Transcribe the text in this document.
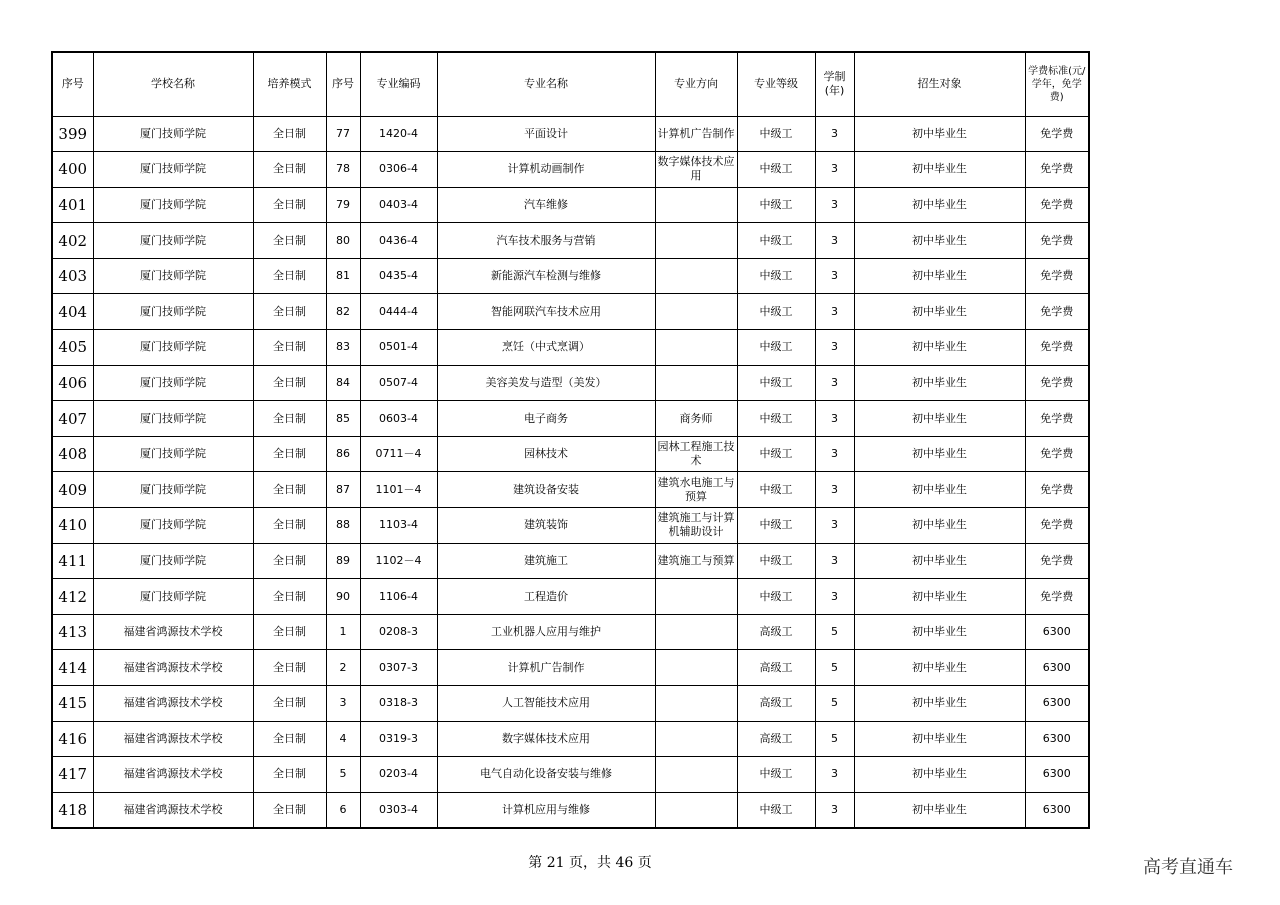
序号	学校名称	培养模式	序号	专业编码	专业名称	专业方向	专业等级	学制(年)	招生对象	学费标准(元/学年，免学费)
399	厦门技师学院	全日制	77	1420-4	平面设计	计算机广告制作	中级工	3	初中毕业生	免学费
400	厦门技师学院	全日制	78	0306-4	计算机动画制作	数字媒体技术应用	中级工	3	初中毕业生	免学费
401	厦门技师学院	全日制	79	0403-4	汽车维修		中级工	3	初中毕业生	免学费
402	厦门技师学院	全日制	80	0436-4	汽车技术服务与营销		中级工	3	初中毕业生	免学费
403	厦门技师学院	全日制	81	0435-4	新能源汽车检测与维修		中级工	3	初中毕业生	免学费
404	厦门技师学院	全日制	82	0444-4	智能网联汽车技术应用		中级工	3	初中毕业生	免学费
405	厦门技师学院	全日制	83	0501-4	烹饪（中式烹调）		中级工	3	初中毕业生	免学费
406	厦门技师学院	全日制	84	0507-4	美容美发与造型（美发）		中级工	3	初中毕业生	免学费
407	厦门技师学院	全日制	85	0603-4	电子商务	商务师	中级工	3	初中毕业生	免学费
408	厦门技师学院	全日制	86	0711－4	园林技术	园林工程施工技术	中级工	3	初中毕业生	免学费
409	厦门技师学院	全日制	87	1101－4	建筑设备安装	建筑水电施工与预算	中级工	3	初中毕业生	免学费
410	厦门技师学院	全日制	88	1103-4	建筑装饰	建筑施工与计算机辅助设计	中级工	3	初中毕业生	免学费
411	厦门技师学院	全日制	89	1102－4	建筑施工	建筑施工与预算	中级工	3	初中毕业生	免学费
412	厦门技师学院	全日制	90	1106-4	工程造价		中级工	3	初中毕业生	免学费
413	福建省鸿源技术学校	全日制	1	0208-3	工业机器人应用与维护		高级工	5	初中毕业生	6300
414	福建省鸿源技术学校	全日制	2	0307-3	计算机广告制作		高级工	5	初中毕业生	6300
415	福建省鸿源技术学校	全日制	3	0318-3	人工智能技术应用		高级工	5	初中毕业生	6300
416	福建省鸿源技术学校	全日制	4	0319-3	数字媒体技术应用		高级工	5	初中毕业生	6300
417	福建省鸿源技术学校	全日制	5	0203-4	电气自动化设备安装与维修		中级工	3	初中毕业生	6300
418	福建省鸿源技术学校	全日制	6	0303-4	计算机应用与维修		中级工	3	初中毕业生	6300
第 21 页，共 46 页	高考直通车
